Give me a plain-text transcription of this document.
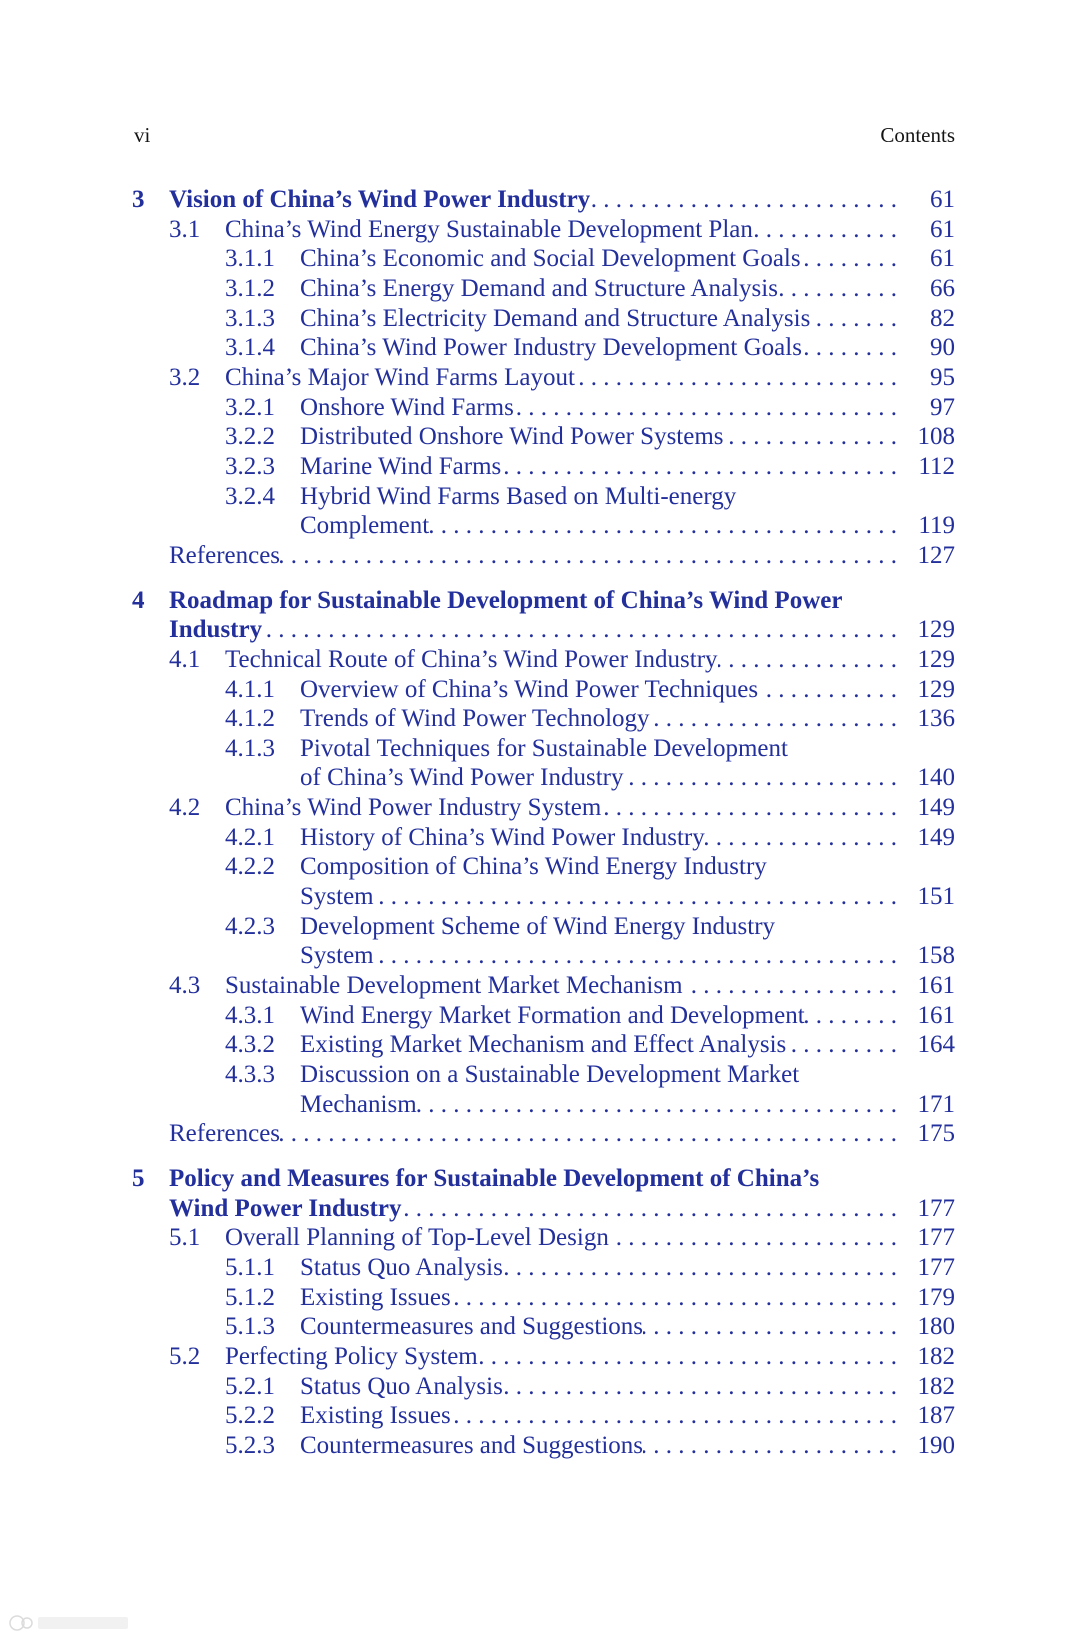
vi	Contents
3 Vision of China’s Wind Power Industry . . .	61
3.1 China’s Wind Energy Sustainable Development Plan . . .	61
3.1.1 China’s Economic and Social Development Goals . . .	61
3.1.2 China’s Energy Demand and Structure Analysis . . .	66
3.1.3 China’s Electricity Demand and Structure Analysis . . .	82
3.1.4 China’s Wind Power Industry Development Goals . . .	90
3.2 China’s Major Wind Farms Layout . . .	95
3.2.1 Onshore Wind Farms . . .	97
3.2.2 Distributed Onshore Wind Power Systems . . .	108
3.2.3 Marine Wind Farms . . .	112
3.2.4 Hybrid Wind Farms Based on Multi-energy
Complement . . .	119
References . . .	127
4 Roadmap for Sustainable Development of China’s Wind Power
Industry . . .	129
4.1 Technical Route of China’s Wind Power Industry . . .	129
4.1.1 Overview of China’s Wind Power Techniques . . .	129
4.1.2 Trends of Wind Power Technology . . .	136
4.1.3 Pivotal Techniques for Sustainable Development
of China’s Wind Power Industry . . .	140
4.2 China’s Wind Power Industry System . . .	149
4.2.1 History of China’s Wind Power Industry . . .	149
4.2.2 Composition of China’s Wind Energy Industry
System . . .	151
4.2.3 Development Scheme of Wind Energy Industry
System . . .	158
4.3 Sustainable Development Market Mechanism . . .	161
4.3.1 Wind Energy Market Formation and Development . . .	161
4.3.2 Existing Market Mechanism and Effect Analysis . . .	164
4.3.3 Discussion on a Sustainable Development Market
Mechanism . . .	171
References . . .	175
5 Policy and Measures for Sustainable Development of China’s
Wind Power Industry . . .	177
5.1 Overall Planning of Top-Level Design . . .	177
5.1.1 Status Quo Analysis . . .	177
5.1.2 Existing Issues . . .	179
5.1.3 Countermeasures and Suggestions . . .	180
5.2 Perfecting Policy System . . .	182
5.2.1 Status Quo Analysis . . .	182
5.2.2 Existing Issues . . .	187
5.2.3 Countermeasures and Suggestions . . .	190
